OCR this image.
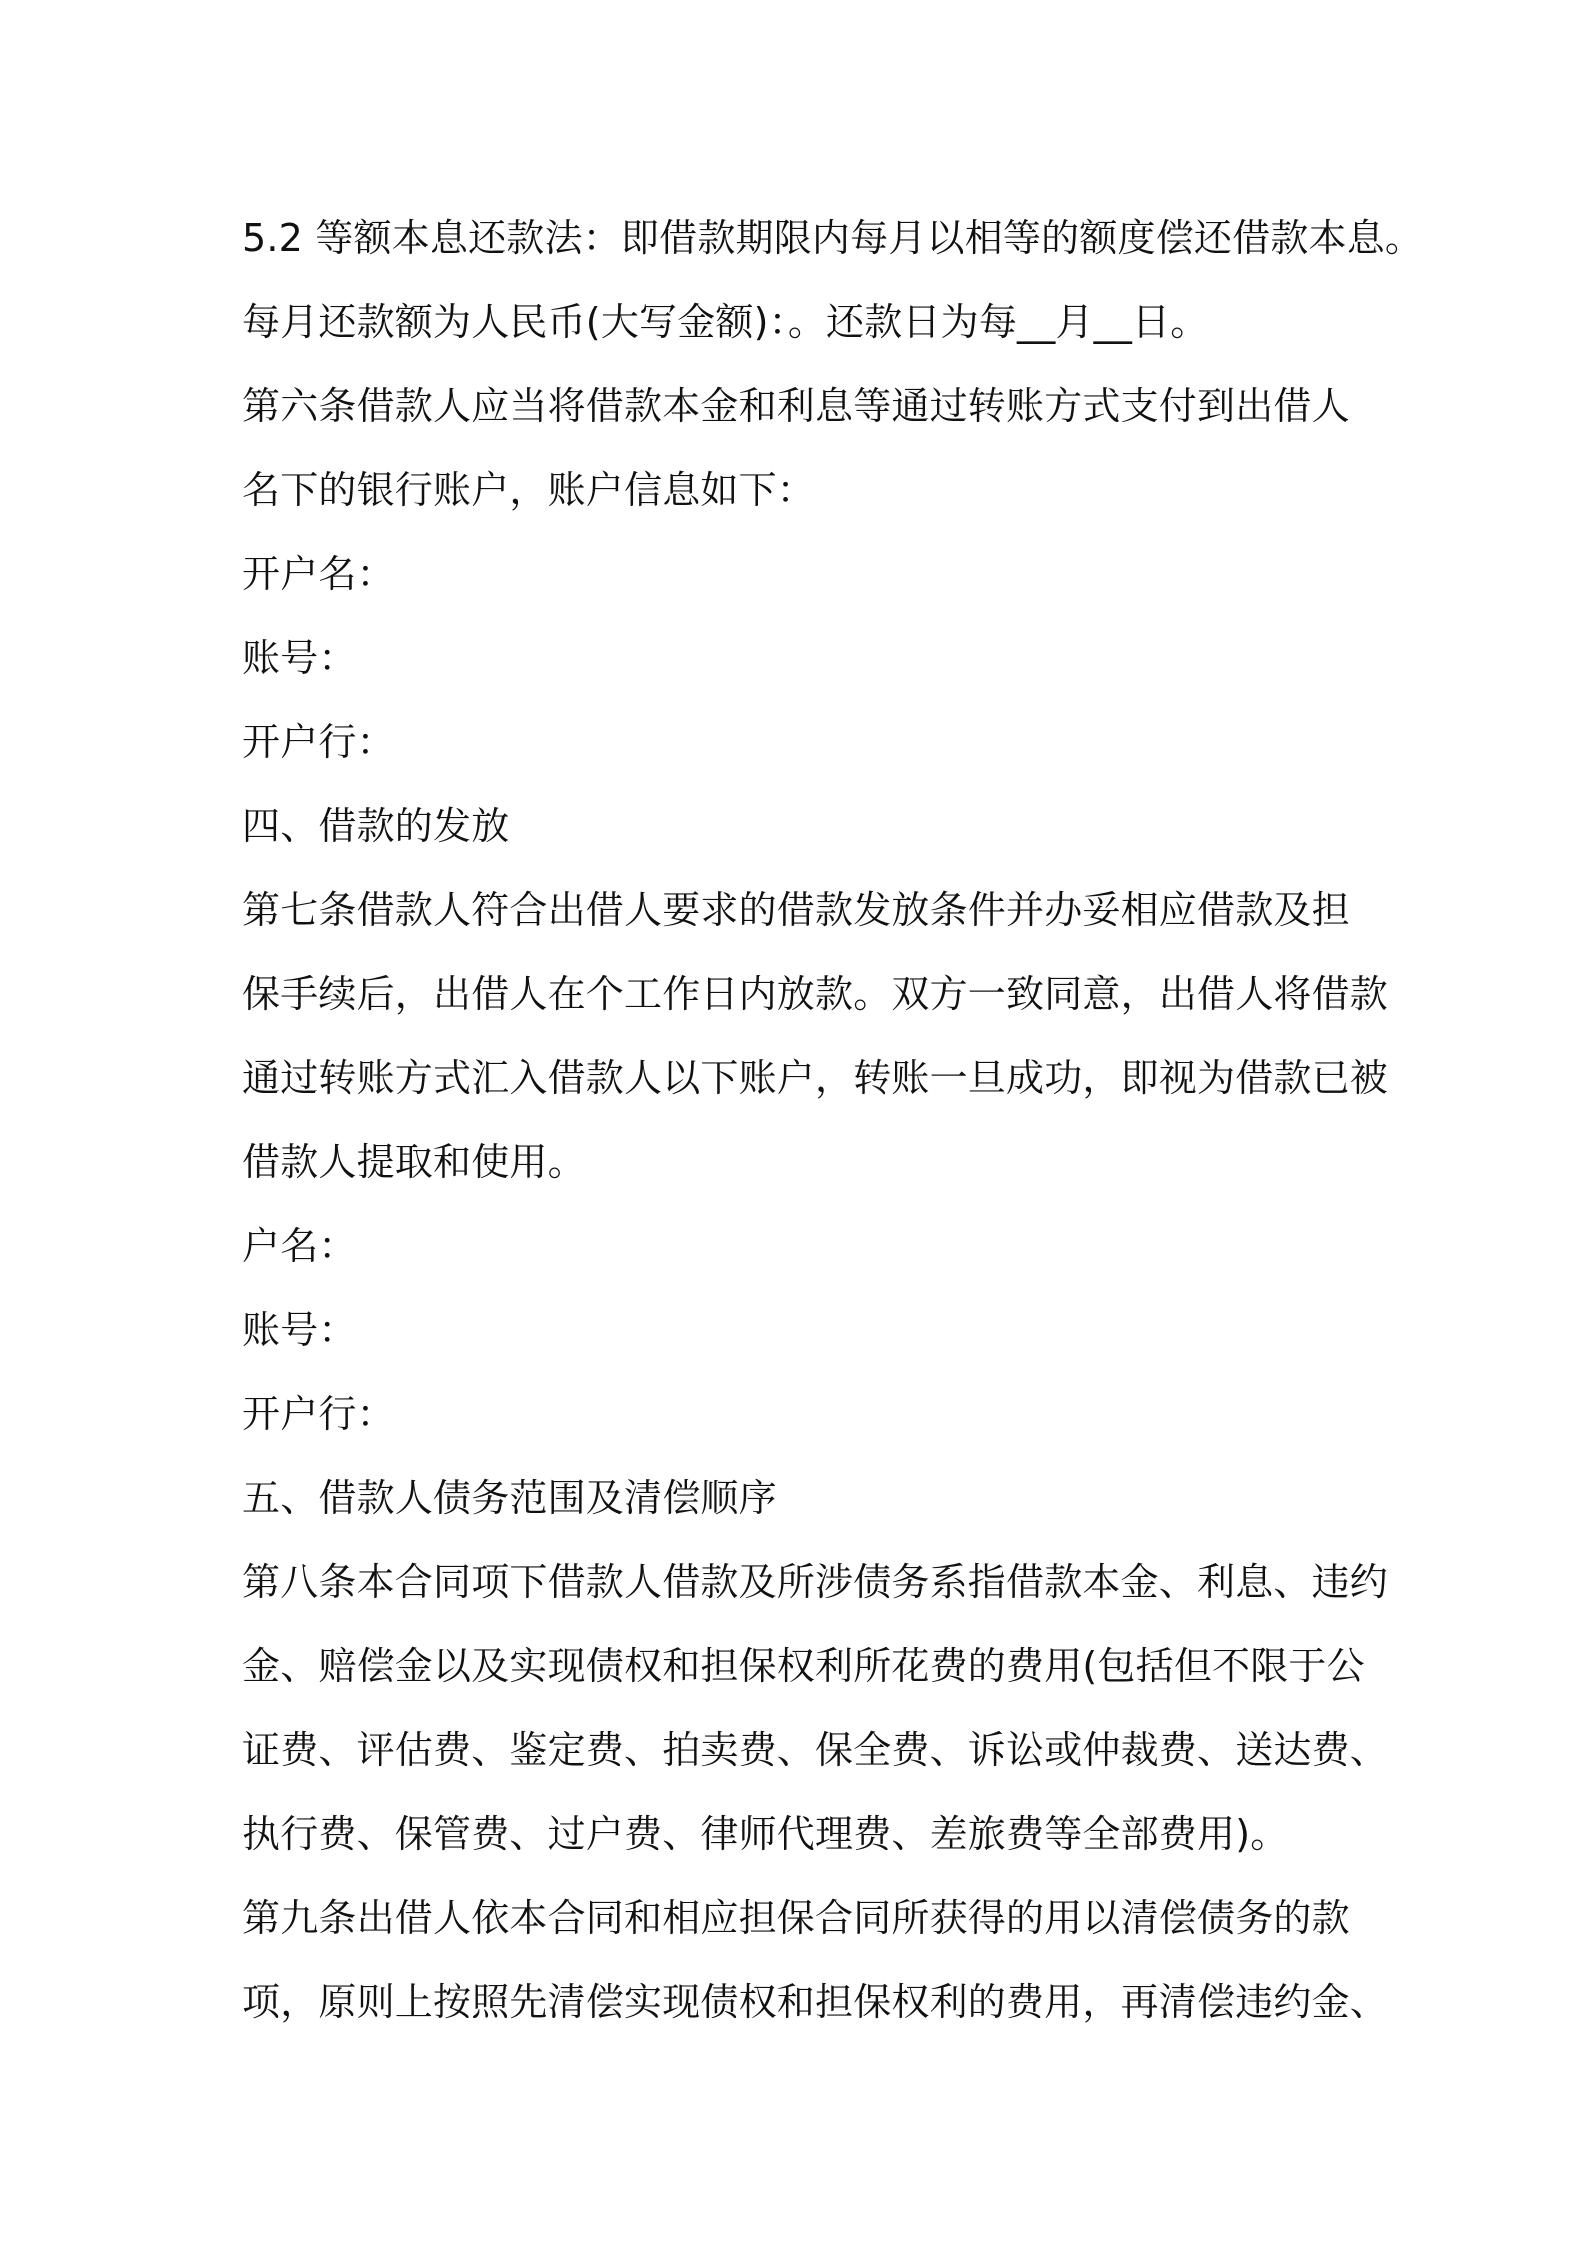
5.2 等额本息还款法：即借款期限内每月以相等的额度偿还借款本息。
每月还款额为人民币(大写金额)：。还款日为每__月__日。
第六条借款人应当将借款本金和利息等通过转账方式支付到出借人
名下的银行账户，账户信息如下：
开户名：
账号：
开户行：
四、借款的发放
第七条借款人符合出借人要求的借款发放条件并办妥相应借款及担
保手续后，出借人在个工作日内放款。双方一致同意，出借人将借款
通过转账方式汇入借款人以下账户，转账一旦成功，即视为借款已被
借款人提取和使用。
户名：
账号：
开户行：
五、借款人债务范围及清偿顺序
第八条本合同项下借款人借款及所涉债务系指借款本金、利息、违约
金、赔偿金以及实现债权和担保权利所花费的费用(包括但不限于公
证费、评估费、鉴定费、拍卖费、保全费、诉讼或仲裁费、送达费、
执行费、保管费、过户费、律师代理费、差旅费等全部费用)。
第九条出借人依本合同和相应担保合同所获得的用以清偿债务的款
项，原则上按照先清偿实现债权和担保权利的费用，再清偿违约金、
